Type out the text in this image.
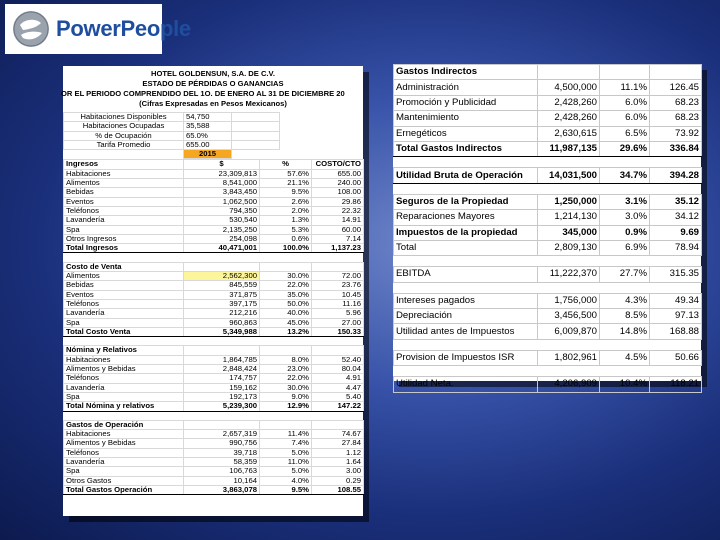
PowerPeople
HOTEL GOLDENSUN, S.A. DE C.V.
ESTADO DE PÉRDIDAS O GANANCIAS
OR EL PERIODO COMPRENDIDO DEL 1O. DE ENERO AL 31 DE DICIEMBRE 20
(Cifras Expresadas en Pesos Mexicanos)
Habitaciones Disponibles	54,750		
Habitaciones Ocupadas	35,588		
% de Ocupación	65.0%		
Tarifa Promedio	655.00		
	2015		
Ingresos	$	%	COSTO/CTO
Habitaciones	23,309,813	57.6%	655.00
Alimentos	8,541,000	21.1%	240.00
Bebidas	3,843,450	9.5%	108.00
Eventos	1,062,500	2.6%	29.86
Teléfonos	794,350	2.0%	22.32
Lavandería	530,540	1.3%	14.91
Spa	2,135,250	5.3%	60.00
Otros Ingresos	254,098	0.6%	7.14
Total Ingresos	40,471,001	100.0%	1,137.23

Costo de Venta			
Alimentos	2,562,300	30.0%	72.00
Bebidas	845,559	22.0%	23.76
Eventos	371,875	35.0%	10.45
Teléfonos	397,175	50.0%	11.16
Lavandería	212,216	40.0%	5.96
Spa	960,863	45.0%	27.00
Total Costo Venta	5,349,988	13.2%	150.33

Nómina y Relativos			
Habitaciones	1,864,785	8.0%	52.40
Alimentos y Bebidas	2,848,424	23.0%	80.04
Teléfonos	174,757	22.0%	4.91
Lavandería	159,162	30.0%	4.47
Spa	192,173	9.0%	5.40
Total Nómina y relativos	5,239,300	12.9%	147.22

Gastos de Operación			
Habitaciones	2,657,319	11.4%	74.67
Alimentos y Bebidas	990,756	7.4%	27.84
Teléfonos	39,718	5.0%	1.12
Lavandería	58,359	11.0%	1.64
Spa	106,763	5.0%	3.00
Otros Gastos	10,164	4.0%	0.29
Total Gastos Operación	3,863,078	9.5%	108.55
Gastos Indirectos			
Administración	4,500,000	11.1%	126.45
Promoción y Publicidad	2,428,260	6.0%	68.23
Mantenimiento	2,428,260	6.0%	68.23
Ernegéticos	2,630,615	6.5%	73.92
Total Gastos Indirectos	11,987,135	29.6%	336.84

Utilidad Bruta de Operación	14,031,500	34.7%	394.28

Seguros de la Propiedad	1,250,000	3.1%	35.12
Reparaciones Mayores	1,214,130	3.0%	34.12
Impuestos de la propiedad	345,000	0.9%	9.69
Total	2,809,130	6.9%	78.94

EBITDA	11,222,370	27.7%	315.35

Intereses pagados	1,756,000	4.3%	49.34
Depreciación	3,456,500	8.5%	97.13
Utilidad antes de Impuestos	6,009,870	14.8%	168.88

Provision de Impuestos ISR	1,802,961	4.5%	50.66

Utilidad Neta.	4,206,909	10.4%	118.21
